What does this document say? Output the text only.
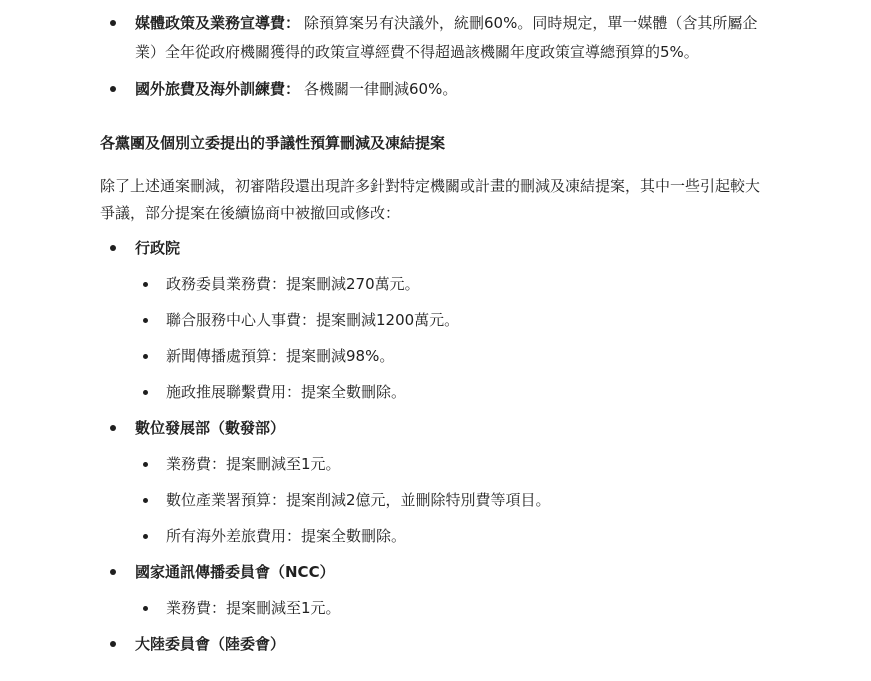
媒體政策及業務宣導費： 除預算案另有決議外，統刪60%。同時規定，單一媒體（含其所屬企
業）全年從政府機關獲得的政策宣導經費不得超過該機關年度政策宣導總預算的5%。
國外旅費及海外訓練費： 各機關一律刪減60%。
各黨團及個別立委提出的爭議性預算刪減及凍結提案
除了上述通案刪減，初審階段還出現許多針對特定機關或計畫的刪減及凍結提案，其中一些引起較大
爭議，部分提案在後續協商中被撤回或修改：
行政院
政務委員業務費：提案刪減270萬元。
聯合服務中心人事費：提案刪減1200萬元。
新聞傳播處預算：提案刪減98%。
施政推展聯繫費用：提案全數刪除。
數位發展部（數發部）
業務費：提案刪減至1元。
數位產業署預算：提案削減2億元，並刪除特別費等項目。
所有海外差旅費用：提案全數刪除。
國家通訊傳播委員會（NCC）
業務費：提案刪減至1元。
大陸委員會（陸委會）
